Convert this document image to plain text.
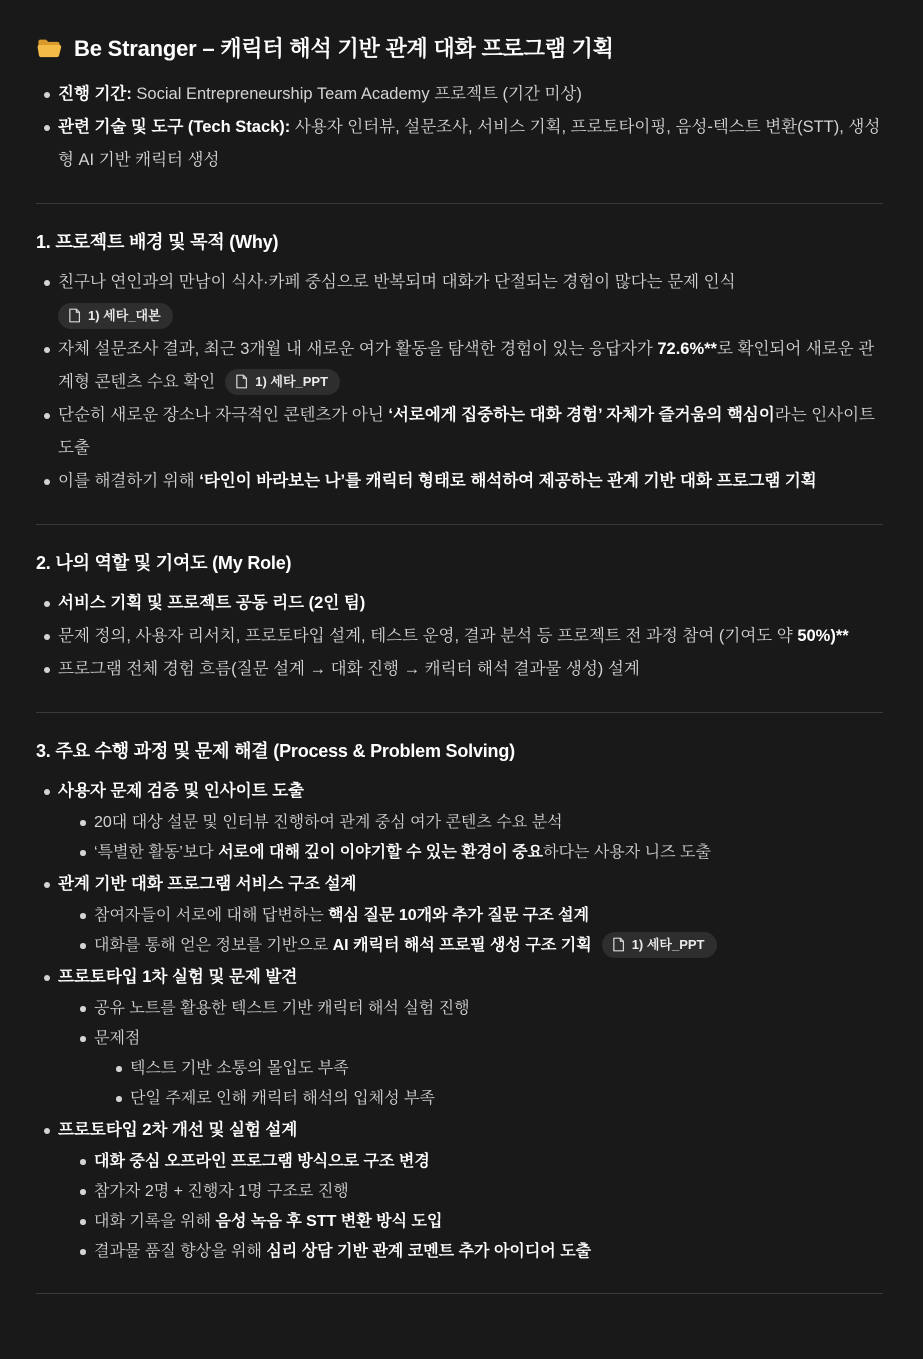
Be Stranger – 캐릭터 해석 기반 관계 대화 프로그램 기획
진행 기간: Social Entrepreneurship Team Academy 프로젝트 (기간 미상)
관련 기술 및 도구 (Tech Stack): 사용자 인터뷰, 설문조사, 서비스 기획, 프로토타이핑, 음성-텍스트 변환(STT), 생성형 AI 기반 캐릭터 생성
1. 프로젝트 배경 및 목적 (Why)
친구나 연인과의 만남이 식사·카페 중심으로 반복되며 대화가 단절되는 경험이 많다는 문제 인식
1) 세타_대본
자체 설문조사 결과, 최근 3개월 내 새로운 여가 활동을 탐색한 경험이 있는 응답자가 72.6%**로 확인되어 새로운 관계형 콘텐츠 수요 확인	1) 세타_PPT
단순히 새로운 장소나 자극적인 콘텐츠가 아닌 ‘서로에게 집중하는 대화 경험’ 자체가 즐거움의 핵심이라는 인사이트 도출
이를 해결하기 위해 ‘타인이 바라보는 나’를 캐릭터 형태로 해석하여 제공하는 관계 기반 대화 프로그램 기획
2. 나의 역할 및 기여도 (My Role)
서비스 기획 및 프로젝트 공동 리드 (2인 팀)
문제 정의, 사용자 리서치, 프로토타입 설계, 테스트 운영, 결과 분석 등 프로젝트 전 과정 참여 (기여도 약 50%)**
프로그램 전체 경험 흐름(질문 설계 → 대화 진행 → 캐릭터 해석 결과물 생성) 설계
3. 주요 수행 과정 및 문제 해결 (Process & Problem Solving)
사용자 문제 검증 및 인사이트 도출
20대 대상 설문 및 인터뷰 진행하여 관계 중심 여가 콘텐츠 수요 분석
‘특별한 활동’보다 서로에 대해 깊이 이야기할 수 있는 환경이 중요하다는 사용자 니즈 도출
관계 기반 대화 프로그램 서비스 구조 설계
참여자들이 서로에 대해 답변하는 핵심 질문 10개와 추가 질문 구조 설계
대화를 통해 얻은 정보를 기반으로 AI 캐릭터 해석 프로필 생성 구조 기획	1) 세타_PPT
프로토타입 1차 실험 및 문제 발견
공유 노트를 활용한 텍스트 기반 캐릭터 해석 실험 진행
문제점
텍스트 기반 소통의 몰입도 부족
단일 주제로 인해 캐릭터 해석의 입체성 부족
프로토타입 2차 개선 및 실험 설계
대화 중심 오프라인 프로그램 방식으로 구조 변경
참가자 2명 + 진행자 1명 구조로 진행
대화 기록을 위해 음성 녹음 후 STT 변환 방식 도입
결과물 품질 향상을 위해 심리 상담 기반 관계 코멘트 추가 아이디어 도출
